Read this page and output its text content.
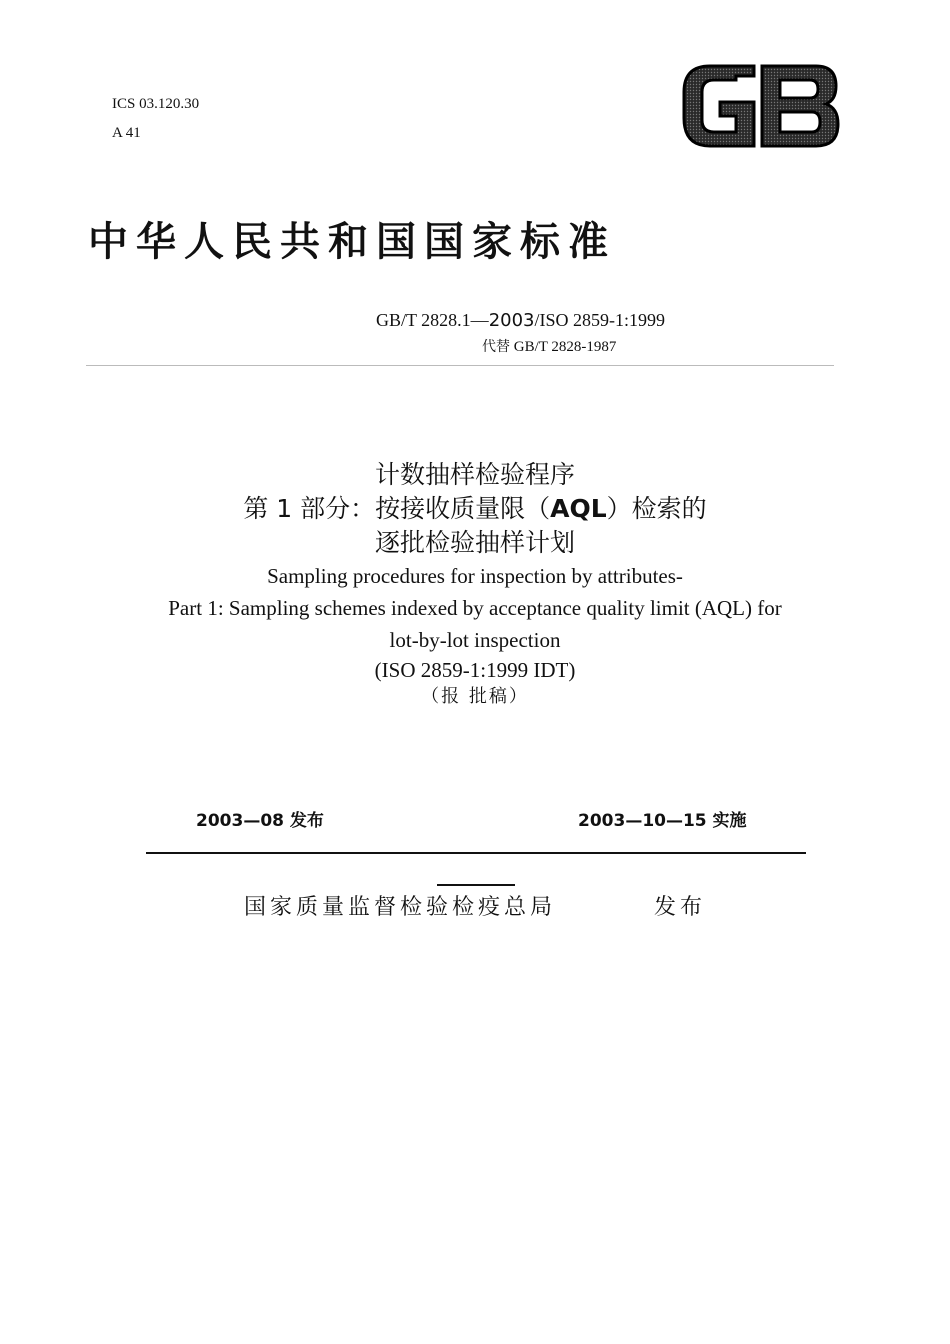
ICS 03.120.30
A 41
中华人民共和国国家标准
GB/T 2828.1—2003/ISO 2859-1:1999
代替 GB/T 2828-1987
计数抽样检验程序
第 1 部分：按接收质量限（AQL）检索的
逐批检验抽样计划
Sampling procedures for inspection by attributes-
Part 1: Sampling schemes indexed by acceptance quality limit (AQL) for
lot-by-lot inspection
(ISO 2859-1:1999 IDT)
（报 批稿）
2003—08 发布	2003—10—15 实施
国家质量监督检验检疫总局	发布
